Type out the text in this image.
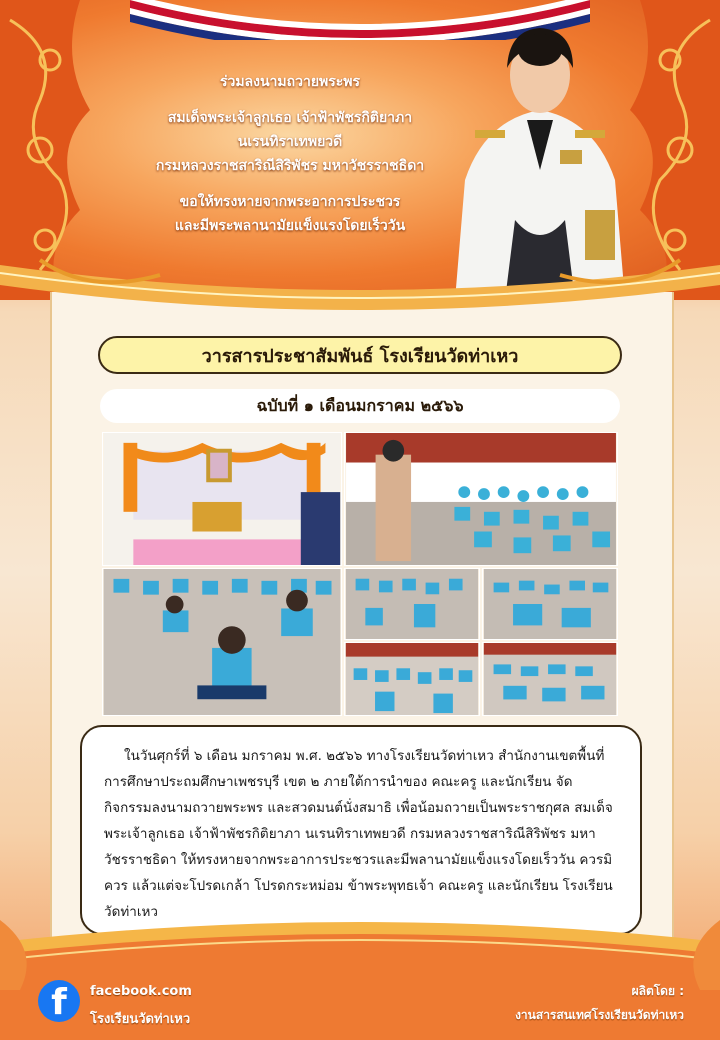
ร่วมลงนามถวายพระพร
สมเด็จพระเจ้าลูกเธอ เจ้าฟ้าพัชรกิติยาภา
นเรนทิราเทพยวดี
กรมหลวงราชสาริณีสิริพัชร มหาวัชรราชธิดา
ขอให้ทรงหายจากพระอาการประชวร
และมีพระพลานามัยแข็งแรงโดยเร็ววัน
วารสารประชาสัมพันธ์ โรงเรียนวัดท่าเหว
ฉบับที่ ๑ เดือนมกราคม ๒๕๖๖

ในวันศุกร์ที่ ๖ เดือน มกราคม พ.ศ. ๒๕๖๖ ทางโรงเรียนวัดท่าเหว สำนักงานเขตพื้นที่การศึกษาประถมศึกษาเพชรบุรี เขต ๒ ภายใต้การนำของ คณะครู และนักเรียน จัดกิจกรรมลงนามถวายพระพร และสวดมนต์นั่งสมาธิ เพื่อน้อมถวายเป็นพระราชกุศล สมเด็จพระเจ้าลูกเธอ เจ้าฟ้าพัชรกิติยาภา นเรนทิราเทพยวดี กรมหลวงราชสาริณีสิริพัชร มหาวัชรราชธิดา ให้ทรงหายจากพระอาการประชวรและมีพลานามัยแข็งแรงโดยเร็ววัน ควรมิควร แล้วแต่จะโปรดเกล้า โปรดกระหม่อม ข้าพระพุทธเจ้า คณะครู และนักเรียน โรงเรียนวัดท่าเหว

f facebook.com
โรงเรียนวัดท่าเหว
ผลิตโดย :
งานสารสนเทศโรงเรียนวัดท่าเหว
